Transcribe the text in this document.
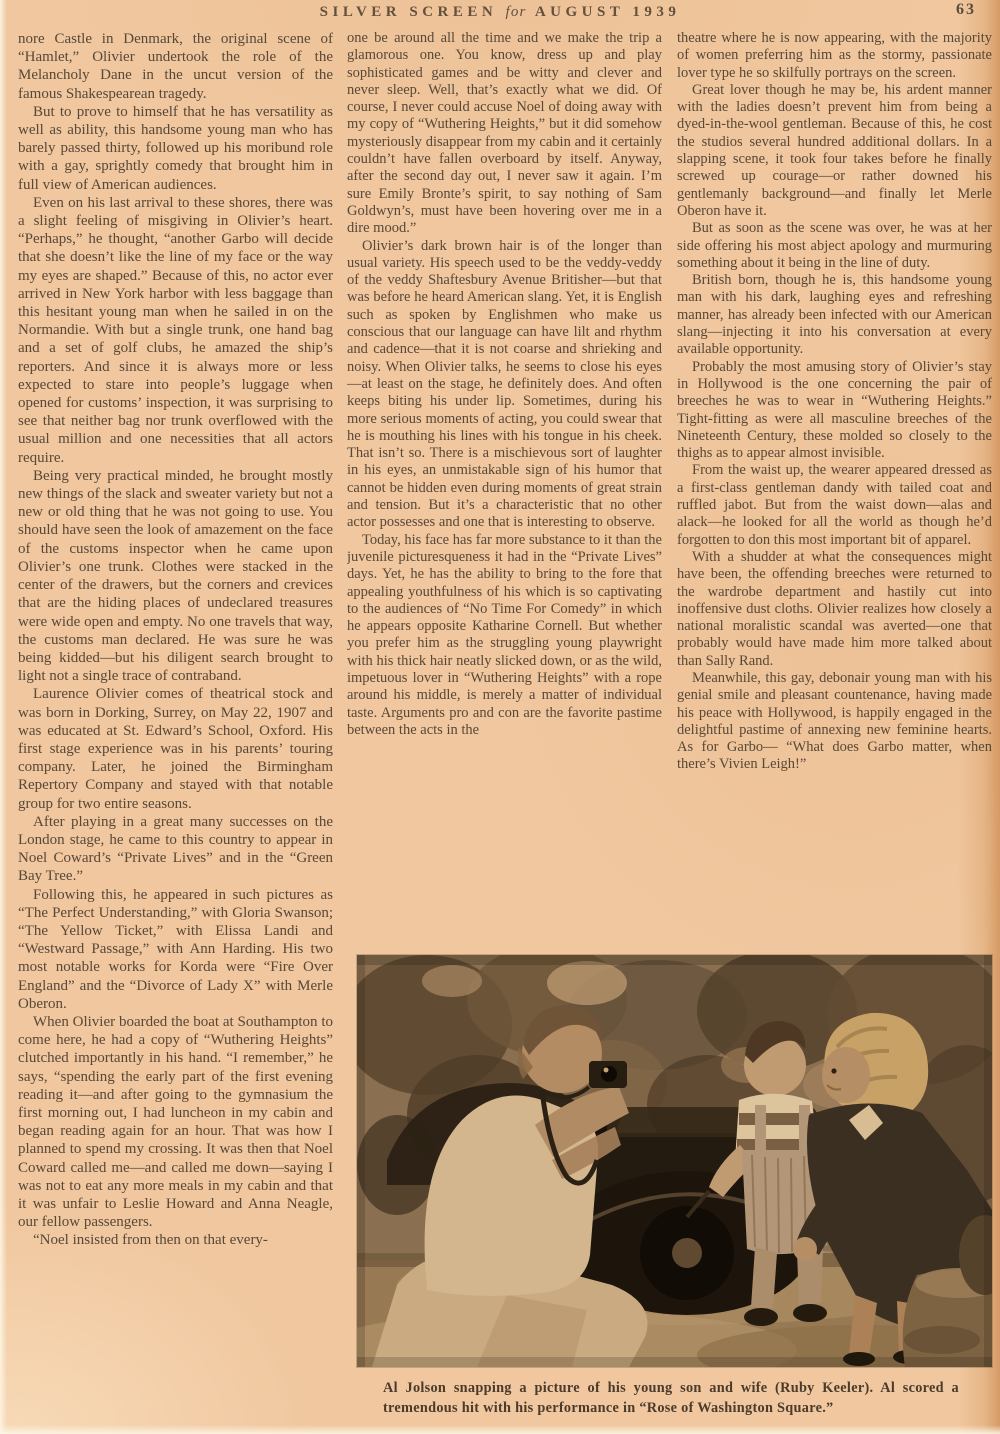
SILVER SCREEN for AUGUST 1939	63

nore Castle in Denmark, the original scene of “Hamlet,” Olivier undertook the role of the Melancholy Dane in the uncut version of the famous Shakespearean tragedy.

But to prove to himself that he has versatility as well as ability, this handsome young man who has barely passed thirty, followed up his moribund role with a gay, sprightly comedy that brought him in full view of American audiences.

Even on his last arrival to these shores, there was a slight feeling of misgiving in Olivier’s heart. “Perhaps,” he thought, “another Garbo will decide that she doesn’t like the line of my face or the way my eyes are shaped.” Because of this, no actor ever arrived in New York harbor with less baggage than this hesitant young man when he sailed in on the Normandie. With but a single trunk, one hand bag and a set of golf clubs, he amazed the ship’s reporters. And since it is always more or less expected to stare into people’s luggage when opened for customs’ inspection, it was surprising to see that neither bag nor trunk overflowed with the usual million and one necessities that all actors require.

Being very practical minded, he brought mostly new things of the slack and sweater variety but not a new or old thing that he was not going to use. You should have seen the look of amazement on the face of the customs inspector when he came upon Olivier’s one trunk. Clothes were stacked in the center of the drawers, but the corners and crevices that are the hiding places of undeclared treasures were wide open and empty. No one travels that way, the customs man declared. He was sure he was being kidded—but his diligent search brought to light not a single trace of contraband.

Laurence Olivier comes of theatrical stock and was born in Dorking, Surrey, on May 22, 1907 and was educated at St. Edward’s School, Oxford. His first stage experience was in his parents’ touring company. Later, he joined the Birmingham Repertory Company and stayed with that notable group for two entire seasons.

After playing in a great many successes on the London stage, he came to this country to appear in Noel Coward’s “Private Lives” and in the “Green Bay Tree.”

Following this, he appeared in such pictures as “The Perfect Understanding,” with Gloria Swanson; “The Yellow Ticket,” with Elissa Landi and “Westward Passage,” with Ann Harding. His two most notable works for Korda were “Fire Over England” and the “Divorce of Lady X” with Merle Oberon.

When Olivier boarded the boat at Southampton to come here, he had a copy of “Wuthering Heights” clutched importantly in his hand. “I remember,” he says, “spending the early part of the first evening reading it—and after going to the gymnasium the first morning out, I had luncheon in my cabin and began reading again for an hour. That was how I planned to spend my crossing. It was then that Noel Coward called me—and called me down—saying I was not to eat any more meals in my cabin and that it was unfair to Leslie Howard and Anna Neagle, our fellow passengers.

“Noel insisted from then on that every-

one be around all the time and we make the trip a glamorous one. You know, dress up and play sophisticated games and be witty and clever and never sleep. Well, that’s exactly what we did. Of course, I never could accuse Noel of doing away with my copy of “Wuthering Heights,” but it did somehow mysteriously disappear from my cabin and it certainly couldn’t have fallen overboard by itself. Anyway, after the second day out, I never saw it again. I’m sure Emily Bronte’s spirit, to say nothing of Sam Goldwyn’s, must have been hovering over me in a dire mood.”

Olivier’s dark brown hair is of the longer than usual variety. His speech used to be the veddy-veddy of the veddy Shaftesbury Avenue Britisher—but that was before he heard American slang. Yet, it is English such as spoken by Englishmen who make us conscious that our language can have lilt and rhythm and cadence—that it is not coarse and shrieking and noisy. When Olivier talks, he seems to close his eyes—at least on the stage, he definitely does. And often keeps biting his under lip. Sometimes, during his more serious moments of acting, you could swear that he is mouthing his lines with his tongue in his cheek. That isn’t so. There is a mischievous sort of laughter in his eyes, an unmistakable sign of his humor that cannot be hidden even during moments of great strain and tension. But it’s a characteristic that no other actor possesses and one that is interesting to observe.

Today, his face has far more substance to it than the juvenile picturesqueness it had in the “Private Lives” days. Yet, he has the ability to bring to the fore that appealing youthfulness of his which is so captivating to the audiences of “No Time For Comedy” in which he appears opposite Katharine Cornell. But whether you prefer him as the struggling young playwright with his thick hair neatly slicked down, or as the wild, impetuous lover in “Wuthering Heights” with a rope around his middle, is merely a matter of individual taste. Arguments pro and con are the favorite pastime between the acts in the

theatre where he is now appearing, with the majority of women preferring him as the stormy, passionate lover type he so skilfully portrays on the screen.

Great lover though he may be, his ardent manner with the ladies doesn’t prevent him from being a dyed-in-the-wool gentleman. Because of this, he cost the studios several hundred additional dollars. In a slapping scene, it took four takes before he finally screwed up courage—or rather downed his gentlemanly background—and finally let Merle Oberon have it.

But as soon as the scene was over, he was at her side offering his most abject apology and murmuring something about it being in the line of duty.

British born, though he is, this handsome young man with his dark, laughing eyes and refreshing manner, has already been infected with our American slang—injecting it into his conversation at every available opportunity.

Probably the most amusing story of Olivier’s stay in Hollywood is the one concerning the pair of breeches he was to wear in “Wuthering Heights.” Tight-fitting as were all masculine breeches of the Nineteenth Century, these molded so closely to the thighs as to appear almost invisible.

From the waist up, the wearer appeared dressed as a first-class gentleman dandy with tailed coat and ruffled jabot. But from the waist down—alas and alack—he looked for all the world as though he’d forgotten to don this most important bit of apparel.

With a shudder at what the consequences might have been, the offending breeches were returned to the wardrobe department and hastily cut into inoffensive dust cloths. Olivier realizes how closely a national moralistic scandal was averted—one that probably would have made him more talked about than Sally Rand.

Meanwhile, this gay, debonair young man with his genial smile and pleasant countenance, having made his peace with Hollywood, is happily engaged in the delightful pastime of annexing new feminine hearts. As for Garbo— “What does Garbo matter, when there’s Vivien Leigh!”

Al Jolson snapping a picture of his young son and wife (Ruby Keeler). Al scored a tremendous hit with his performance in “Rose of Washington Square.”
